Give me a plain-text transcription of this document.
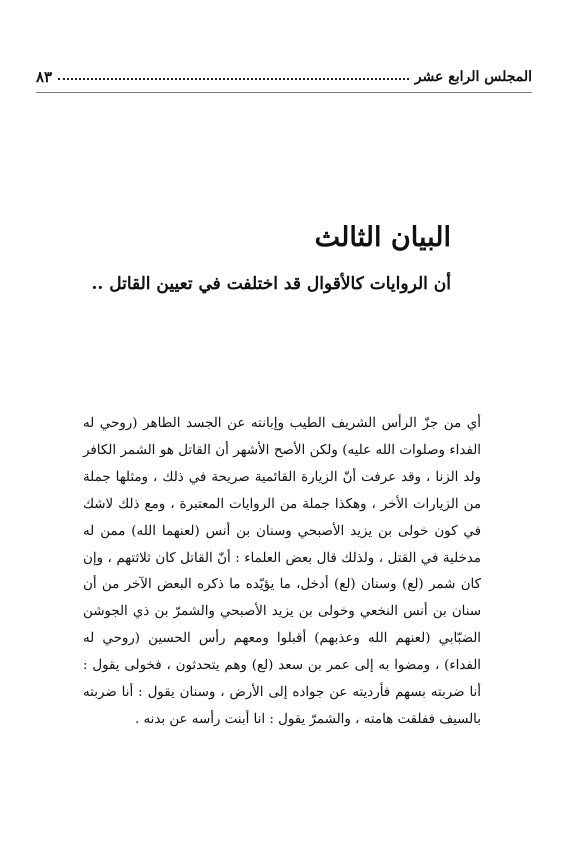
المجلس الرابع عشر
٨٣
البيان الثالث
أن الروايات كالأقوال قد اختلفت في تعيين القاتل ..

أي من جزّ الرأس الشريف الطيب وإبانته عن الجسد الطاهر (روحي له الفداء وصلوات الله عليه) ولكن الأصح الأشهر أن القاتل هو الشمر الكافر ولد الزنا ، وقد عرفت أنّ الزيارة القائمية صريحة في ذلك ، ومثلها جملة من الزيارات الأخر ، وهكذا جملة من الروايات المعتبرة ، ومع ذلك لاشك في كون خولى بن يزيد الأصبحي وسنان بن أنس (لعنهما الله) ممن له مدخلية في القتل ، ولذلك قال بعض العلماء : أنّ القاتل كان ثلاثتهم ، وإن كان شمر (لع) وسنان (لع) أدخل، ما يؤيّده ما ذكره البعض الآخر من أن سنان بن أنس النخعي وخولى بن يزيد الأصبحي والشمرّ بن ذي الجوشن الضبّابي (لعنهم الله وعذبهم) أقبلوا ومعهم رأس الحسين (روحي له الفداء) ، ومضوا به إلى عمر بن سعد (لع) وهم يتحدثون ، فخولى يقول : أنا ضربته بسهم فأرديته عن جواده إلى الأرض ، وسنان يقول : أنا ضربته بالسيف ففلقت هامته ، والشمرّ يقول : انا أبنت رأسه عن بدنه .
